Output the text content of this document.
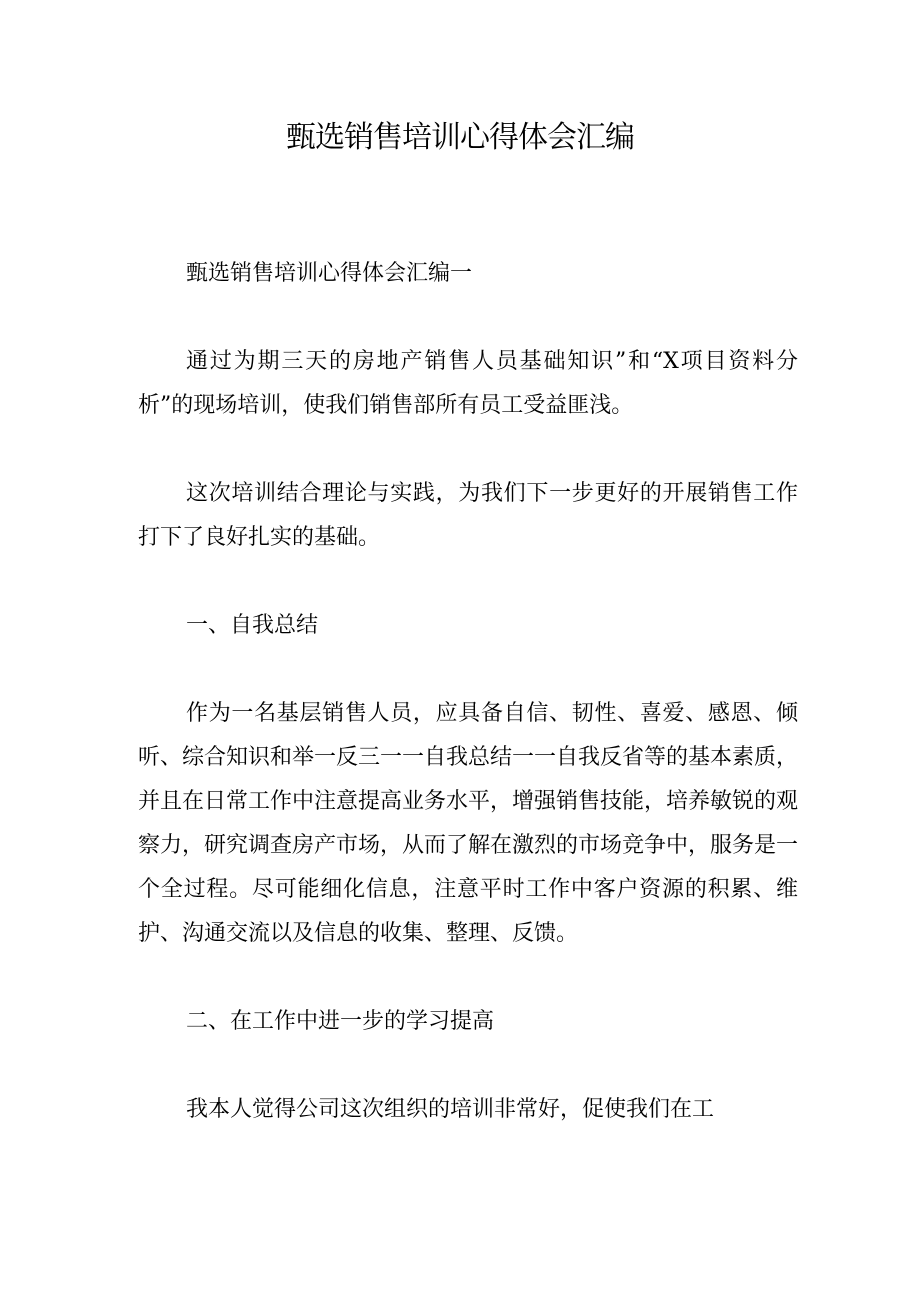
甄选销售培训心得体会汇编

甄选销售培训心得体会汇编一

通过为期三天的房地产销售人员基础知识”和“X项目资料分析”的现场培训，使我们销售部所有员工受益匪浅。

这次培训结合理论与实践，为我们下一步更好的开展销售工作打下了良好扎实的基础。

一、自我总结

作为一名基层销售人员，应具备自信、韧性、喜爱、感恩、倾听、综合知识和举一反三一一自我总结一一自我反省等的基本素质，并且在日常工作中注意提高业务水平，增强销售技能，培养敏锐的观察力，研究调查房产市场，从而了解在激烈的市场竞争中，服务是一个全过程。尽可能细化信息，注意平时工作中客户资源的积累、维护、沟通交流以及信息的收集、整理、反馈。

二、在工作中进一步的学习提高

我本人觉得公司这次组织的培训非常好，促使我们在工
